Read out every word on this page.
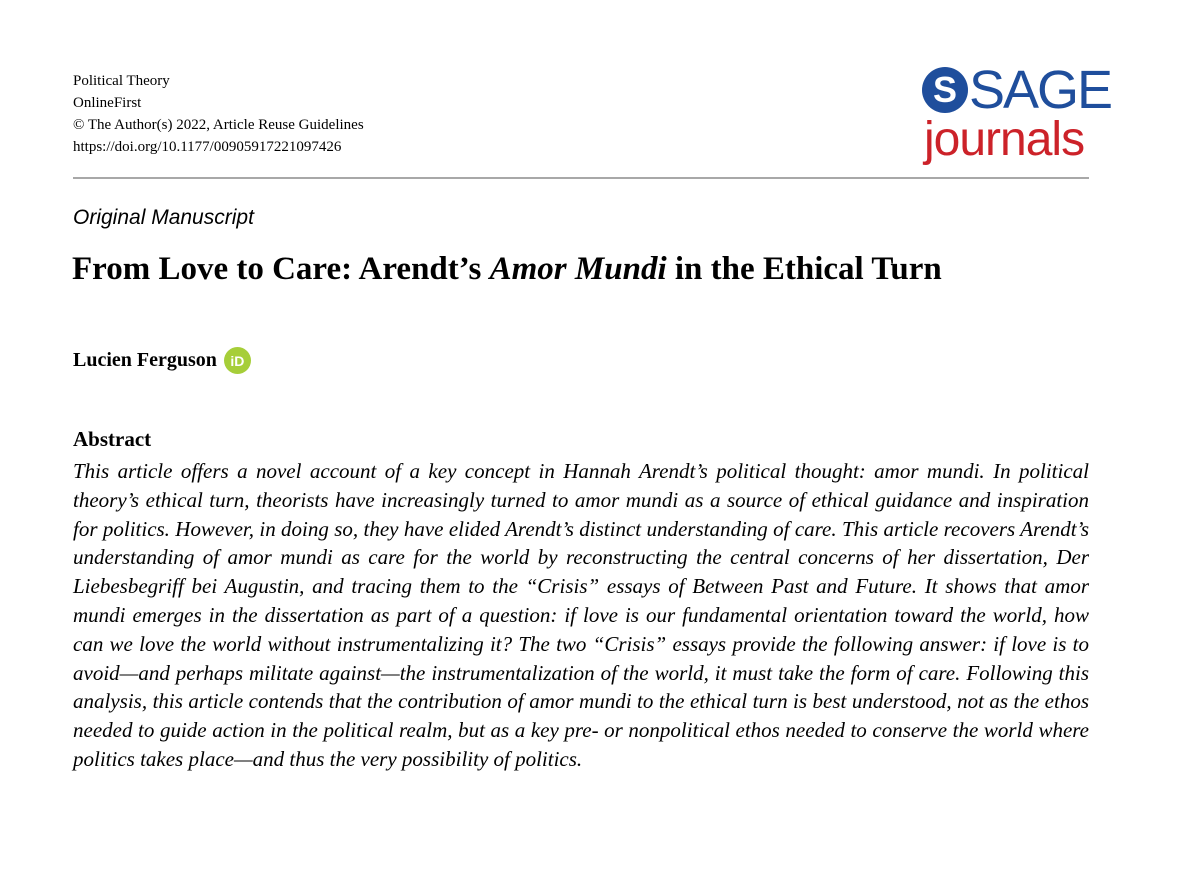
Political Theory
OnlineFirst
© The Author(s) 2022, Article Reuse Guidelines
https://doi.org/10.1177/00905917221097426
S SAGE
journals
Original Manuscript
From Love to Care: Arendt’s Amor Mundi in the Ethical Turn
Lucien Ferguson iD
Abstract
This article offers a novel account of a key concept in Hannah Arendt’s political thought: amor mundi. In political theory’s ethical turn, theorists have increasingly turned to amor mundi as a source of ethical guidance and inspiration for politics. However, in doing so, they have elided Arendt’s distinct understanding of care. This article recovers Arendt’s understanding of amor mundi as care for the world by reconstructing the central concerns of her dissertation, Der Liebesbegriff bei Augustin, and tracing them to the “Crisis” essays of Between Past and Future. It shows that amor mundi emerges in the dissertation as part of a question: if love is our fundamental orientation toward the world, how can we love the world without instrumentalizing it? The two “Crisis” essays provide the following answer: if love is to avoid—and perhaps militate against—the instrumentalization of the world, it must take the form of care. Following this analysis, this article contends that the contribution of amor mundi to the ethical turn is best understood, not as the ethos needed to guide action in the political realm, but as a key pre- or nonpolitical ethos needed to conserve the world where politics takes place—and thus the very possibility of politics.
